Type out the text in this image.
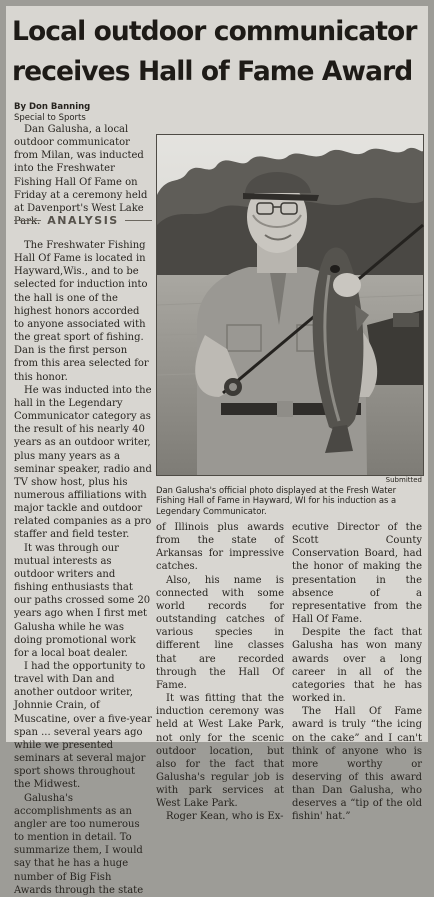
Local outdoor communicator receives Hall of Fame Award
By Don Banning
Special to Sports

Dan Galusha, a local outdoor communicator from Milan, was inducted into the Freshwater Fishing Hall Of Fame on Friday at a ceremony held at Davenport's West Lake Park. ANALYSIS

The Freshwater Fishing Hall Of Fame is located in Hayward,Wis., and to be selected for induction into the hall is one of the highest honors accorded to anyone associated with the great sport of fishing. Dan is the first person from this area selected for this honor.

He was inducted into the hall in the Legendary Communicator category as the result of his nearly 40 years as an outdoor writer, plus many years as a seminar speaker, radio and TV show host, plus his numerous affiliations with major tackle and outdoor related companies as a pro staffer and field tester.

It was through our mutual interests as outdoor writers and fishing enthusiasts that our paths crossed some 20 years ago when I first met Galusha while he was doing promotional work for a local boat dealer.

I had the opportunity to travel with Dan and another outdoor writer, Johnnie Crain, of Muscatine, over a five-year span ... several years ago while we presented seminars at several major sport shows throughout the Midwest.

Galusha's accomplishments as an angler are too numerous to mention in detail. To summarize them, I would say that he has a huge number of Big Fish Awards through the state

Submitted
Dan Galusha's official photo displayed at the Fresh Water Fishing Hall of Fame in Hayward, WI for his induction as a Legendary Communicator.

of Illinois plus awards from the state of Arkansas for impressive catches.

Also, his name is connected with some world records for outstanding catches of various species in different line classes that are recorded through the Hall Of Fame.

It was fitting that the induction ceremony was held at West Lake Park, not only for the scenic outdoor location, but also for the fact that Galusha's regular job is with park services at West Lake Park.

Roger Kean, who is Ex-

ecutive Director of the Scott County Conservation Board, had the honor of making the presentation in the absence of a representative from the Hall Of Fame.

Despite the fact that Galusha has won many awards over a long career in all of the categories that he has worked in.

The Hall Of Fame award is truly “the icing on the cake” and I can't think of anyone who is more worthy or deserving of this award than Dan Galusha, who deserves a “tip of the old fishin' hat.”
